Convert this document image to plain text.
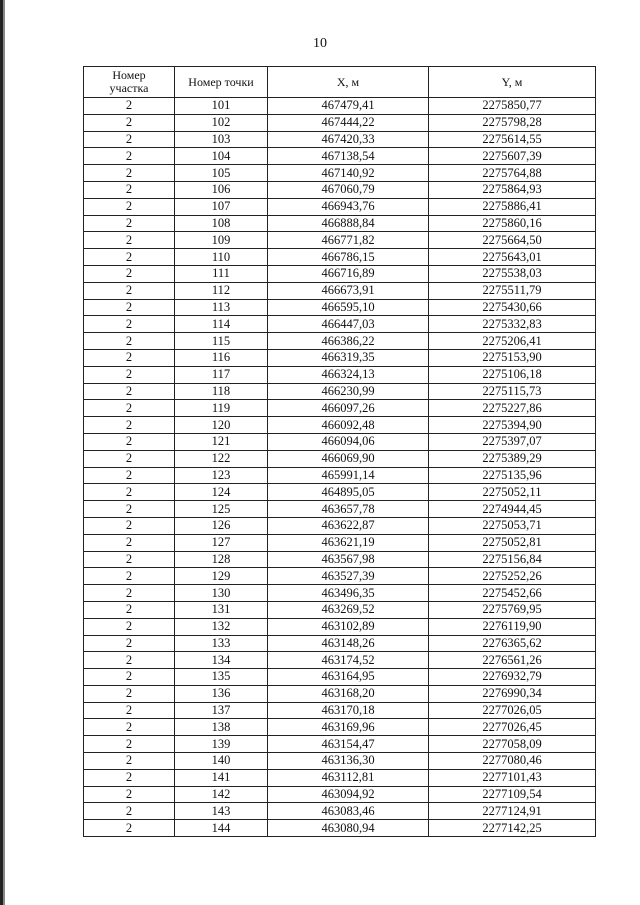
10
Номер участка	Номер точки	X, м	Y, м
2	101	467479,41	2275850,77
2	102	467444,22	2275798,28
2	103	467420,33	2275614,55
2	104	467138,54	2275607,39
2	105	467140,92	2275764,88
2	106	467060,79	2275864,93
2	107	466943,76	2275886,41
2	108	466888,84	2275860,16
2	109	466771,82	2275664,50
2	110	466786,15	2275643,01
2	111	466716,89	2275538,03
2	112	466673,91	2275511,79
2	113	466595,10	2275430,66
2	114	466447,03	2275332,83
2	115	466386,22	2275206,41
2	116	466319,35	2275153,90
2	117	466324,13	2275106,18
2	118	466230,99	2275115,73
2	119	466097,26	2275227,86
2	120	466092,48	2275394,90
2	121	466094,06	2275397,07
2	122	466069,90	2275389,29
2	123	465991,14	2275135,96
2	124	464895,05	2275052,11
2	125	463657,78	2274944,45
2	126	463622,87	2275053,71
2	127	463621,19	2275052,81
2	128	463567,98	2275156,84
2	129	463527,39	2275252,26
2	130	463496,35	2275452,66
2	131	463269,52	2275769,95
2	132	463102,89	2276119,90
2	133	463148,26	2276365,62
2	134	463174,52	2276561,26
2	135	463164,95	2276932,79
2	136	463168,20	2276990,34
2	137	463170,18	2277026,05
2	138	463169,96	2277026,45
2	139	463154,47	2277058,09
2	140	463136,30	2277080,46
2	141	463112,81	2277101,43
2	142	463094,92	2277109,54
2	143	463083,46	2277124,91
2	144	463080,94	2277142,25
